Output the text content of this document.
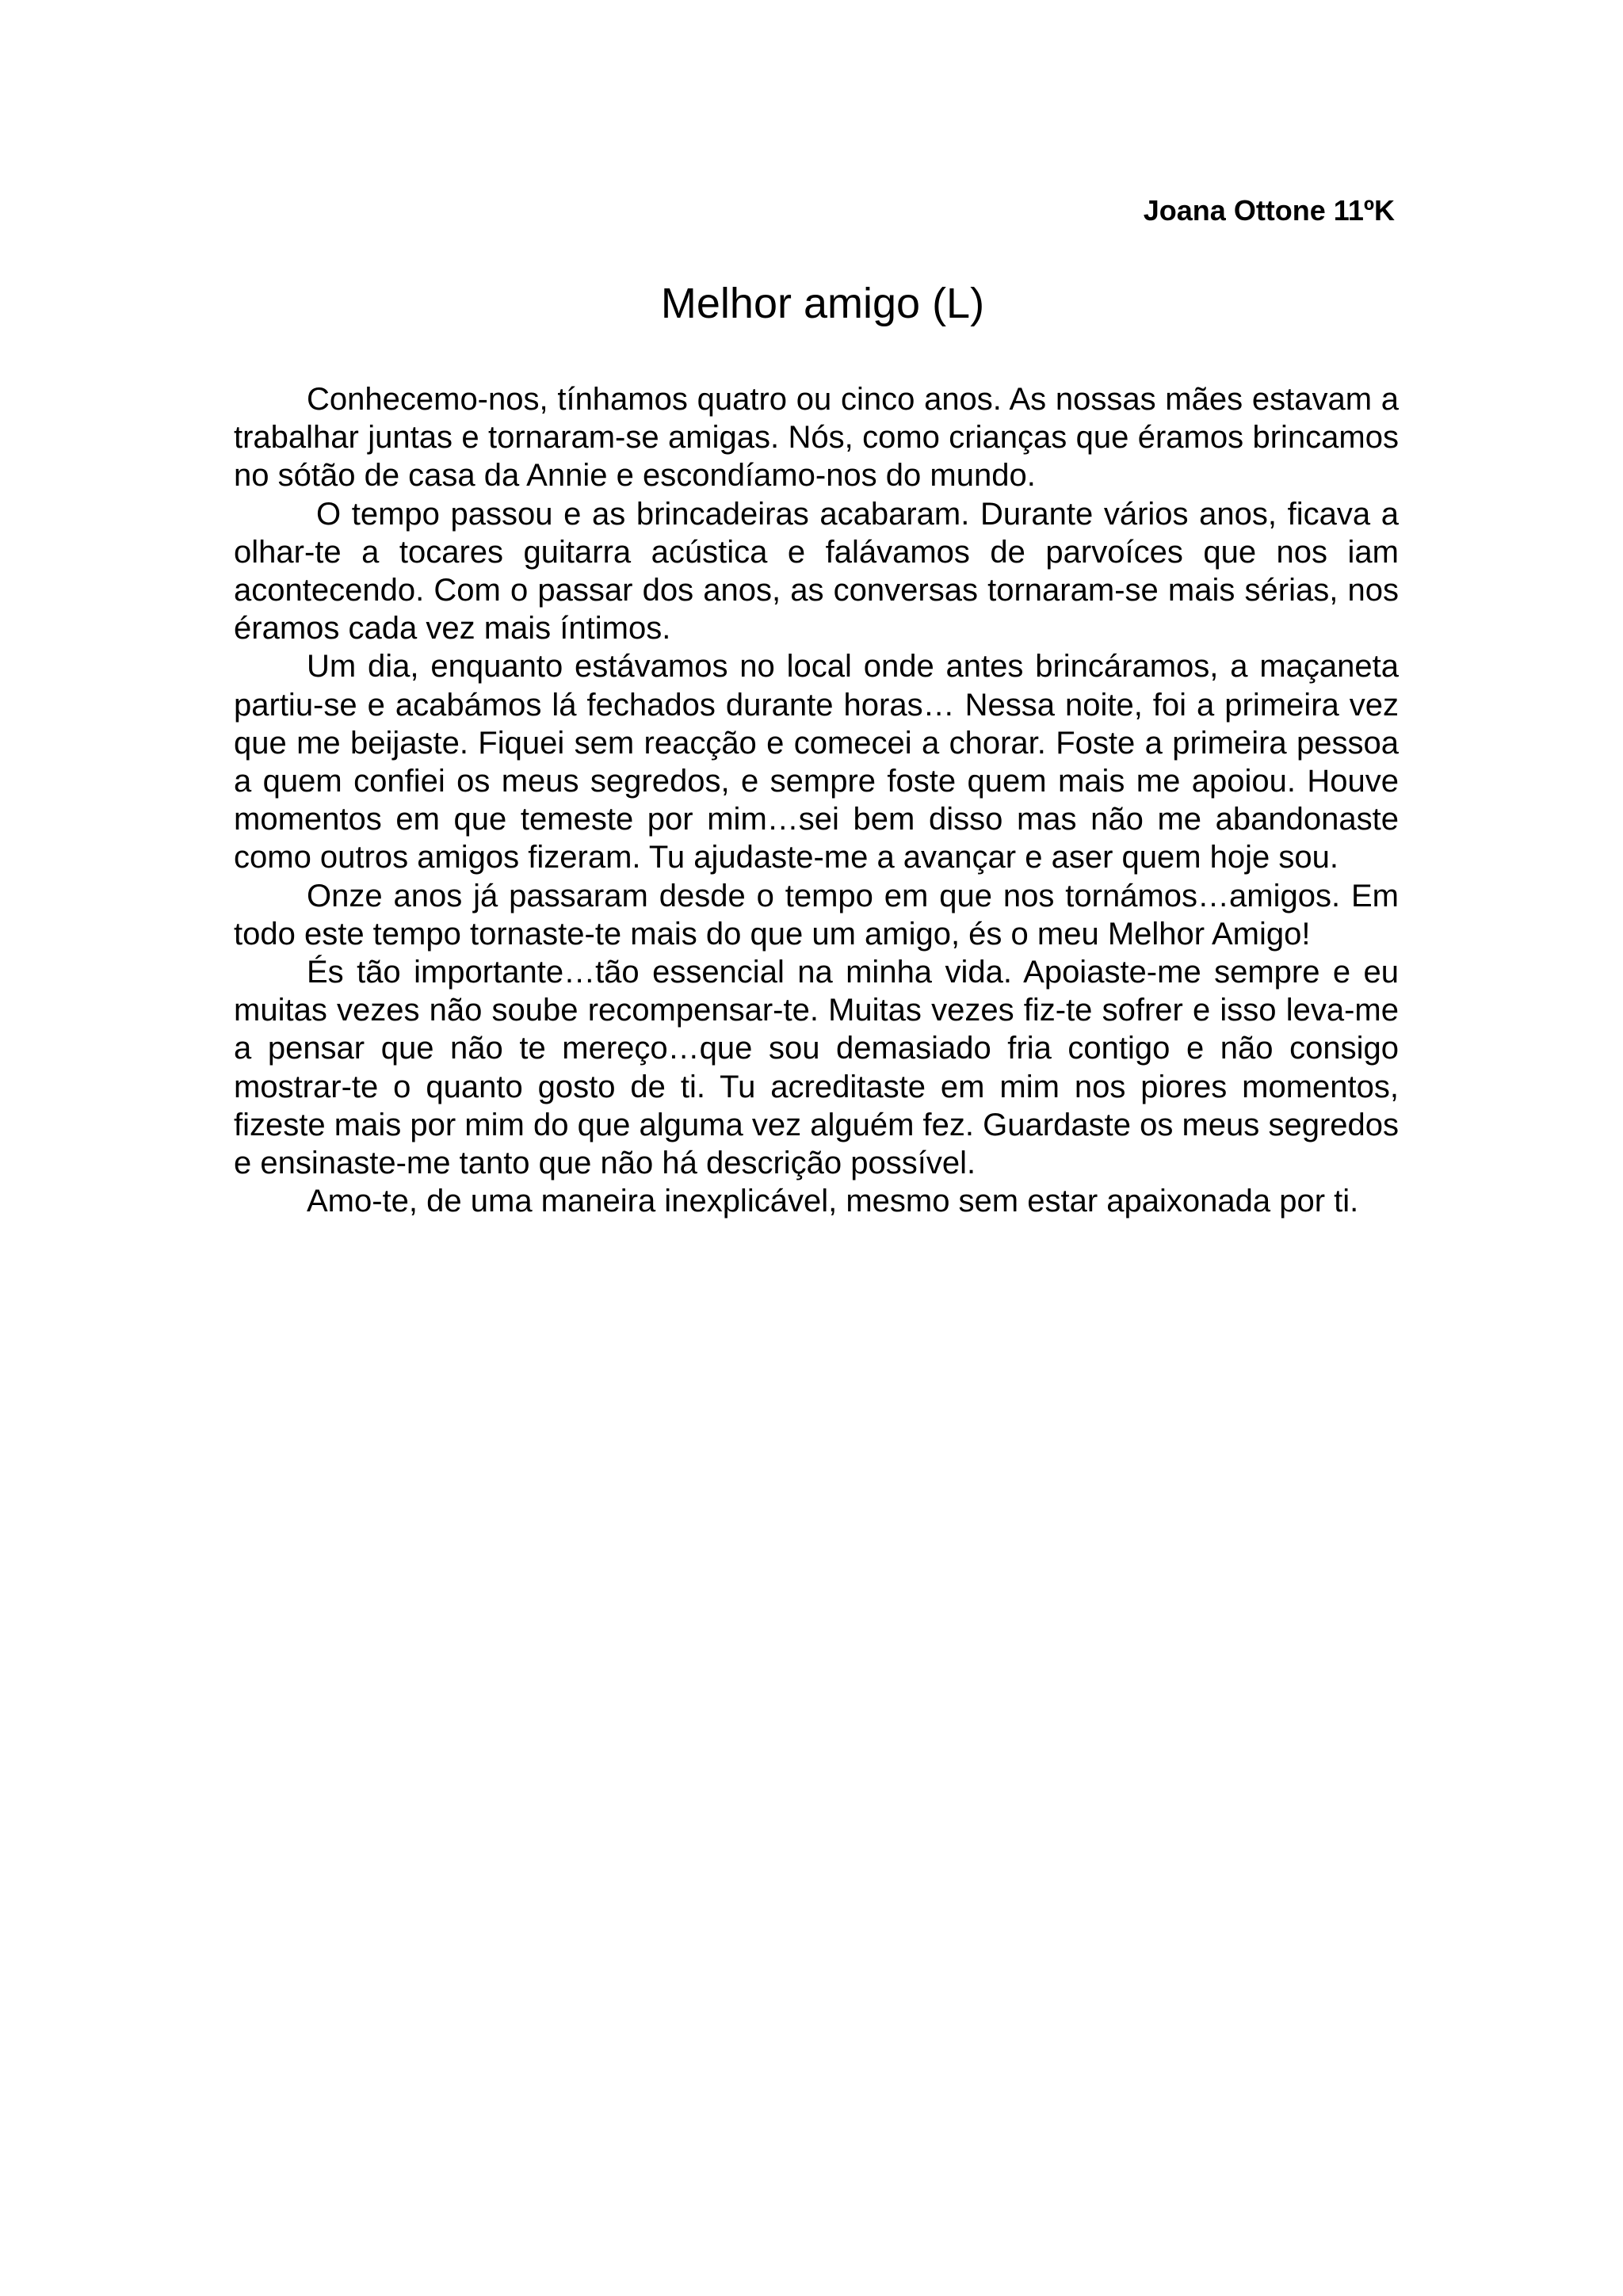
Joana Ottone 11ºK
Melhor amigo (L)

Conhecemo-nos, tínhamos quatro ou cinco anos. As nossas mães estavam a trabalhar juntas e tornaram-se amigas. Nós, como crianças que éramos brincamos no sótão de casa da Annie e escondíamo-nos do mundo.

O tempo passou e as brincadeiras acabaram. Durante vários anos, ficava a olhar-te a tocares guitarra acústica e falávamos de parvoíces que nos iam acontecendo. Com o passar dos anos, as conversas tornaram-se mais sérias, nos éramos cada vez mais íntimos.

Um dia, enquanto estávamos no local onde antes brincáramos, a maçaneta partiu-se e acabámos lá fechados durante horas… Nessa noite, foi a primeira vez que me beijaste. Fiquei sem reacção e comecei a chorar. Foste a primeira pessoa a quem confiei os meus segredos, e sempre foste quem mais me apoiou. Houve momentos em que temeste por mim…sei bem disso mas não me abandonaste como outros amigos fizeram. Tu ajudaste-me a avançar e aser quem hoje sou.

Onze anos já passaram desde o tempo em que nos tornámos…amigos. Em todo este tempo tornaste-te mais do que um amigo, és o meu Melhor Amigo!

És tão importante…tão essencial na minha vida. Apoiaste-me sempre e eu muitas vezes não soube recompensar-te. Muitas vezes fiz-te sofrer e isso leva-me a pensar que não te mereço…que sou demasiado fria contigo e não consigo mostrar-te o quanto gosto de ti. Tu acreditaste em mim nos piores momentos, fizeste mais por mim do que alguma vez alguém fez. Guardaste os meus segredos e ensinaste-me tanto que não há descrição possível.

Amo-te, de uma maneira inexplicável, mesmo sem estar apaixonada por ti.
